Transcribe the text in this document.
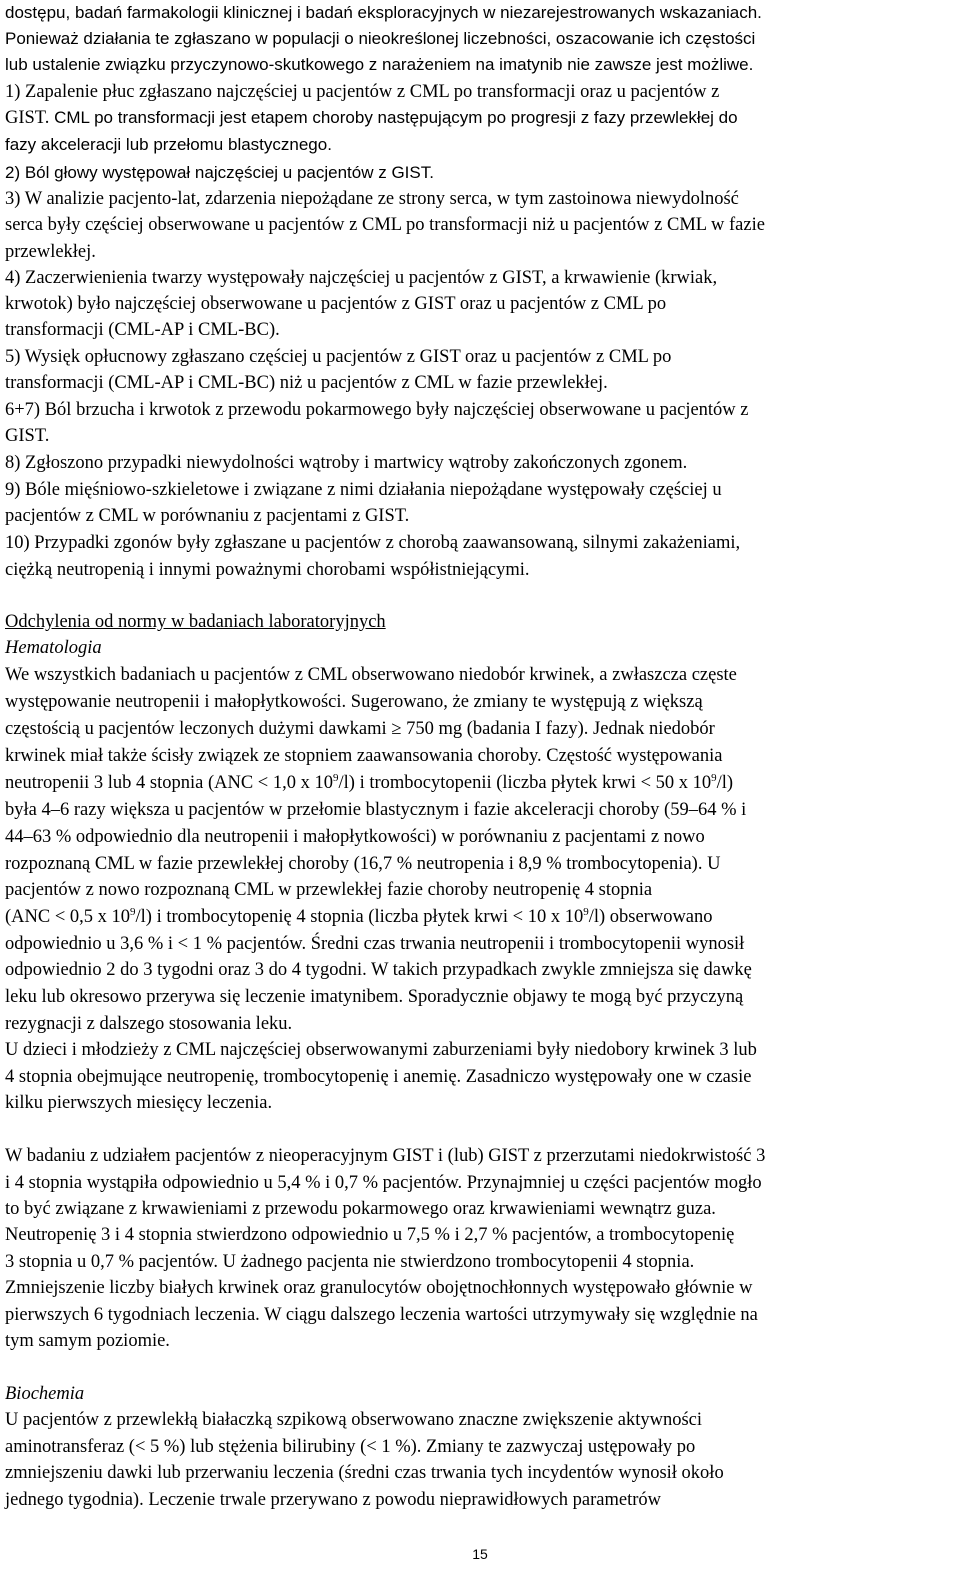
dostępu, badań farmakologii klinicznej i badań eksploracyjnych w niezarejestrowanych wskazaniach.
Ponieważ działania te zgłaszano w populacji o nieokreślonej liczebności, oszacowanie ich częstości
lub ustalenie związku przyczynowo-skutkowego z narażeniem na imatynib nie zawsze jest możliwe.
1) Zapalenie płuc zgłaszano najczęściej u pacjentów z CML po transformacji oraz u pacjentów z
GIST. CML po transformacji jest etapem choroby następującym po progresji z fazy przewlekłej do
fazy akceleracji lub przełomu blastycznego.
2) Ból głowy występował najczęściej u pacjentów z GIST.
3) W analizie pacjento-lat, zdarzenia niepożądane ze strony serca, w tym zastoinowa niewydolność
serca były częściej obserwowane u pacjentów z CML po transformacji niż u pacjentów z CML w fazie
przewlekłej.
4) Zaczerwienienia twarzy występowały najczęściej u pacjentów z GIST, a krwawienie (krwiak,
krwotok) było najczęściej obserwowane u pacjentów z GIST oraz u pacjentów z CML po
transformacji (CML-AP i CML-BC).
5) Wysięk opłucnowy zgłaszano częściej u pacjentów z GIST oraz u pacjentów z CML po
transformacji (CML-AP i CML-BC) niż u pacjentów z CML w fazie przewlekłej.
6+7) Ból brzucha i krwotok z przewodu pokarmowego były najczęściej obserwowane u pacjentów z
GIST.
8) Zgłoszono przypadki niewydolności wątroby i martwicy wątroby zakończonych zgonem.
9) Bóle mięśniowo-szkieletowe i związane z nimi działania niepożądane występowały częściej u
pacjentów z CML w porównaniu z pacjentami z GIST.
10) Przypadki zgonów były zgłaszane u pacjentów z chorobą zaawansowaną, silnymi zakażeniami,
ciężką neutropenią i innymi poważnymi chorobami współistniejącymi.
Odchylenia od normy w badaniach laboratoryjnych
Hematologia
We wszystkich badaniach u pacjentów z CML obserwowano niedobór krwinek, a zwłaszcza częste
występowanie neutropenii i małopłytkowości. Sugerowano, że zmiany te występują z większą
częstością u pacjentów leczonych dużymi dawkami ≥ 750 mg (badania I fazy). Jednak niedobór
krwinek miał także ścisły związek ze stopniem zaawansowania choroby. Częstość występowania
neutropenii 3 lub 4 stopnia (ANC < 1,0 x $10^9/l$) i trombocytopenii (liczba płytek krwi < 50 x $10^9/l$)
była 4–6 razy większa u pacjentów w przełomie blastycznym i fazie akceleracji choroby (59–64 % i
44–63 % odpowiednio dla neutropenii i małopłytkowości) w porównaniu z pacjentami z nowo
rozpoznaną CML w fazie przewlekłej choroby (16,7 % neutropenia i 8,9 % trombocytopenia). U
pacjentów z nowo rozpoznaną CML w przewlekłej fazie choroby neutropenię 4 stopnia
(ANC < 0,5 x $10^9/l$) i trombocytopenię 4 stopnia (liczba płytek krwi < 10 x $10^9/l$) obserwowano
odpowiednio u 3,6 % i < 1 % pacjentów. Średni czas trwania neutropenii i trombocytopenii wynosił
odpowiednio 2 do 3 tygodni oraz 3 do 4 tygodni. W takich przypadkach zwykle zmniejsza się dawkę
leku lub okresowo przerywa się leczenie imatynibem. Sporadycznie objawy te mogą być przyczyną
rezygnacji z dalszego stosowania leku.
U dzieci i młodzieży z CML najczęściej obserwowanymi zaburzeniami były niedobory krwinek 3 lub
4 stopnia obejmujące neutropenię, trombocytopenię i anemię. Zasadniczo występowały one w czasie
kilku pierwszych miesięcy leczenia.
W badaniu z udziałem pacjentów z nieoperacyjnym GIST i (lub) GIST z przerzutami niedokrwistość 3
i 4 stopnia wystąpiła odpowiednio u 5,4 % i 0,7 % pacjentów. Przynajmniej u części pacjentów mogło
to być związane z krwawieniami z przewodu pokarmowego oraz krwawieniami wewnątrz guza.
Neutropenię 3 i 4 stopnia stwierdzono odpowiednio u 7,5 % i 2,7 % pacjentów, a trombocytopenię
3 stopnia u 0,7 % pacjentów. U żadnego pacjenta nie stwierdzono trombocytopenii 4 stopnia.
Zmniejszenie liczby białych krwinek oraz granulocytów obojętnochłonnych występowało głównie w
pierwszych 6 tygodniach leczenia. W ciągu dalszego leczenia wartości utrzymywały się względnie na
tym samym poziomie.
Biochemia
U pacjentów z przewlekłą białaczką szpikową obserwowano znaczne zwiększenie aktywności
aminotransferaz (< 5 %) lub stężenia bilirubiny (< 1 %). Zmiany te zazwyczaj ustępowały po
zmniejszeniu dawki lub przerwaniu leczenia (średni czas trwania tych incydentów wynosił około
jednego tygodnia). Leczenie trwale przerywano z powodu nieprawidłowych parametrów
15
